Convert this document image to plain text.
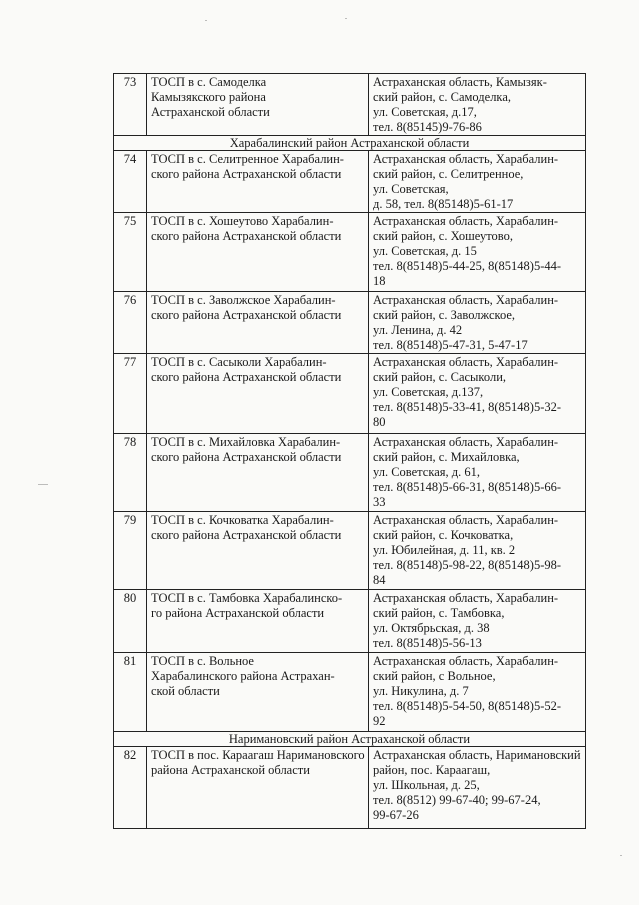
73	ТОСП в с. Самоделка
Камызякского района
Астраханской области	Астраханская область, Камызяк-
ский район, с. Самоделка,
ул. Советская, д.17,
тел. 8(85145)9-76-86

Харабалинский район Астраханской области		
74	ТОСП в с. Селитренное Харабалин-
ского района Астраханской области	Астраханская область, Харабалин-
ский район, с. Селитренное,
ул. Советская,
д. 58, тел. 8(85148)5-61-17

75	ТОСП в с. Хошеутово Харабалин-
ского района Астраханской области	Астраханская область, Харабалин-
ский район, с. Хошеутово,
ул. Советская, д. 15
тел. 8(85148)5-44-25, 8(85148)5-44-
18

76	ТОСП в с. Заволжское Харабалин-
ского района Астраханской области	Астраханская область, Харабалин-
ский район, с. Заволжское,
ул. Ленина, д. 42
тел. 8(85148)5-47-31, 5-47-17

77	ТОСП в с. Сасыколи Харабалин-
ского района Астраханской области	Астраханская область, Харабалин-
ский район, с. Сасыколи,
ул. Советская, д.137,
тел. 8(85148)5-33-41, 8(85148)5-32-
80

78	ТОСП в с. Михайловка Харабалин-
ского района Астраханской области	Астраханская область, Харабалин-
ский район, с. Михайловка,
ул. Советская, д. 61,
тел. 8(85148)5-66-31, 8(85148)5-66-
33

79	ТОСП в с. Кочковатка Харабалин-
ского района Астраханской области	Астраханская область, Харабалин-
ский район, с. Кочковатка,
ул. Юбилейная, д. 11, кв. 2
тел. 8(85148)5-98-22, 8(85148)5-98-
84

80	ТОСП в с. Тамбовка Харабалинско-
го района Астраханской области	Астраханская область, Харабалин-
ский район, с. Тамбовка,
ул. Октябрьская, д. 38
тел. 8(85148)5-56-13

81	ТОСП в с. Вольное
Харабалинского района Астрахан-
ской области	Астраханская область, Харабалин-
ский район, с Вольное,
ул. Никулина, д. 7
тел. 8(85148)5-54-50, 8(85148)5-52-
92

Наримановский район Астраханской области		
82	ТОСП в пос. Караагаш Наримановского района Астраханской области	Астраханская область, Наримановский район, пос. Караагаш,
ул. Школьная, д. 25,
тел. 8(8512) 99-67-40; 99-67-24,
99-67-26
